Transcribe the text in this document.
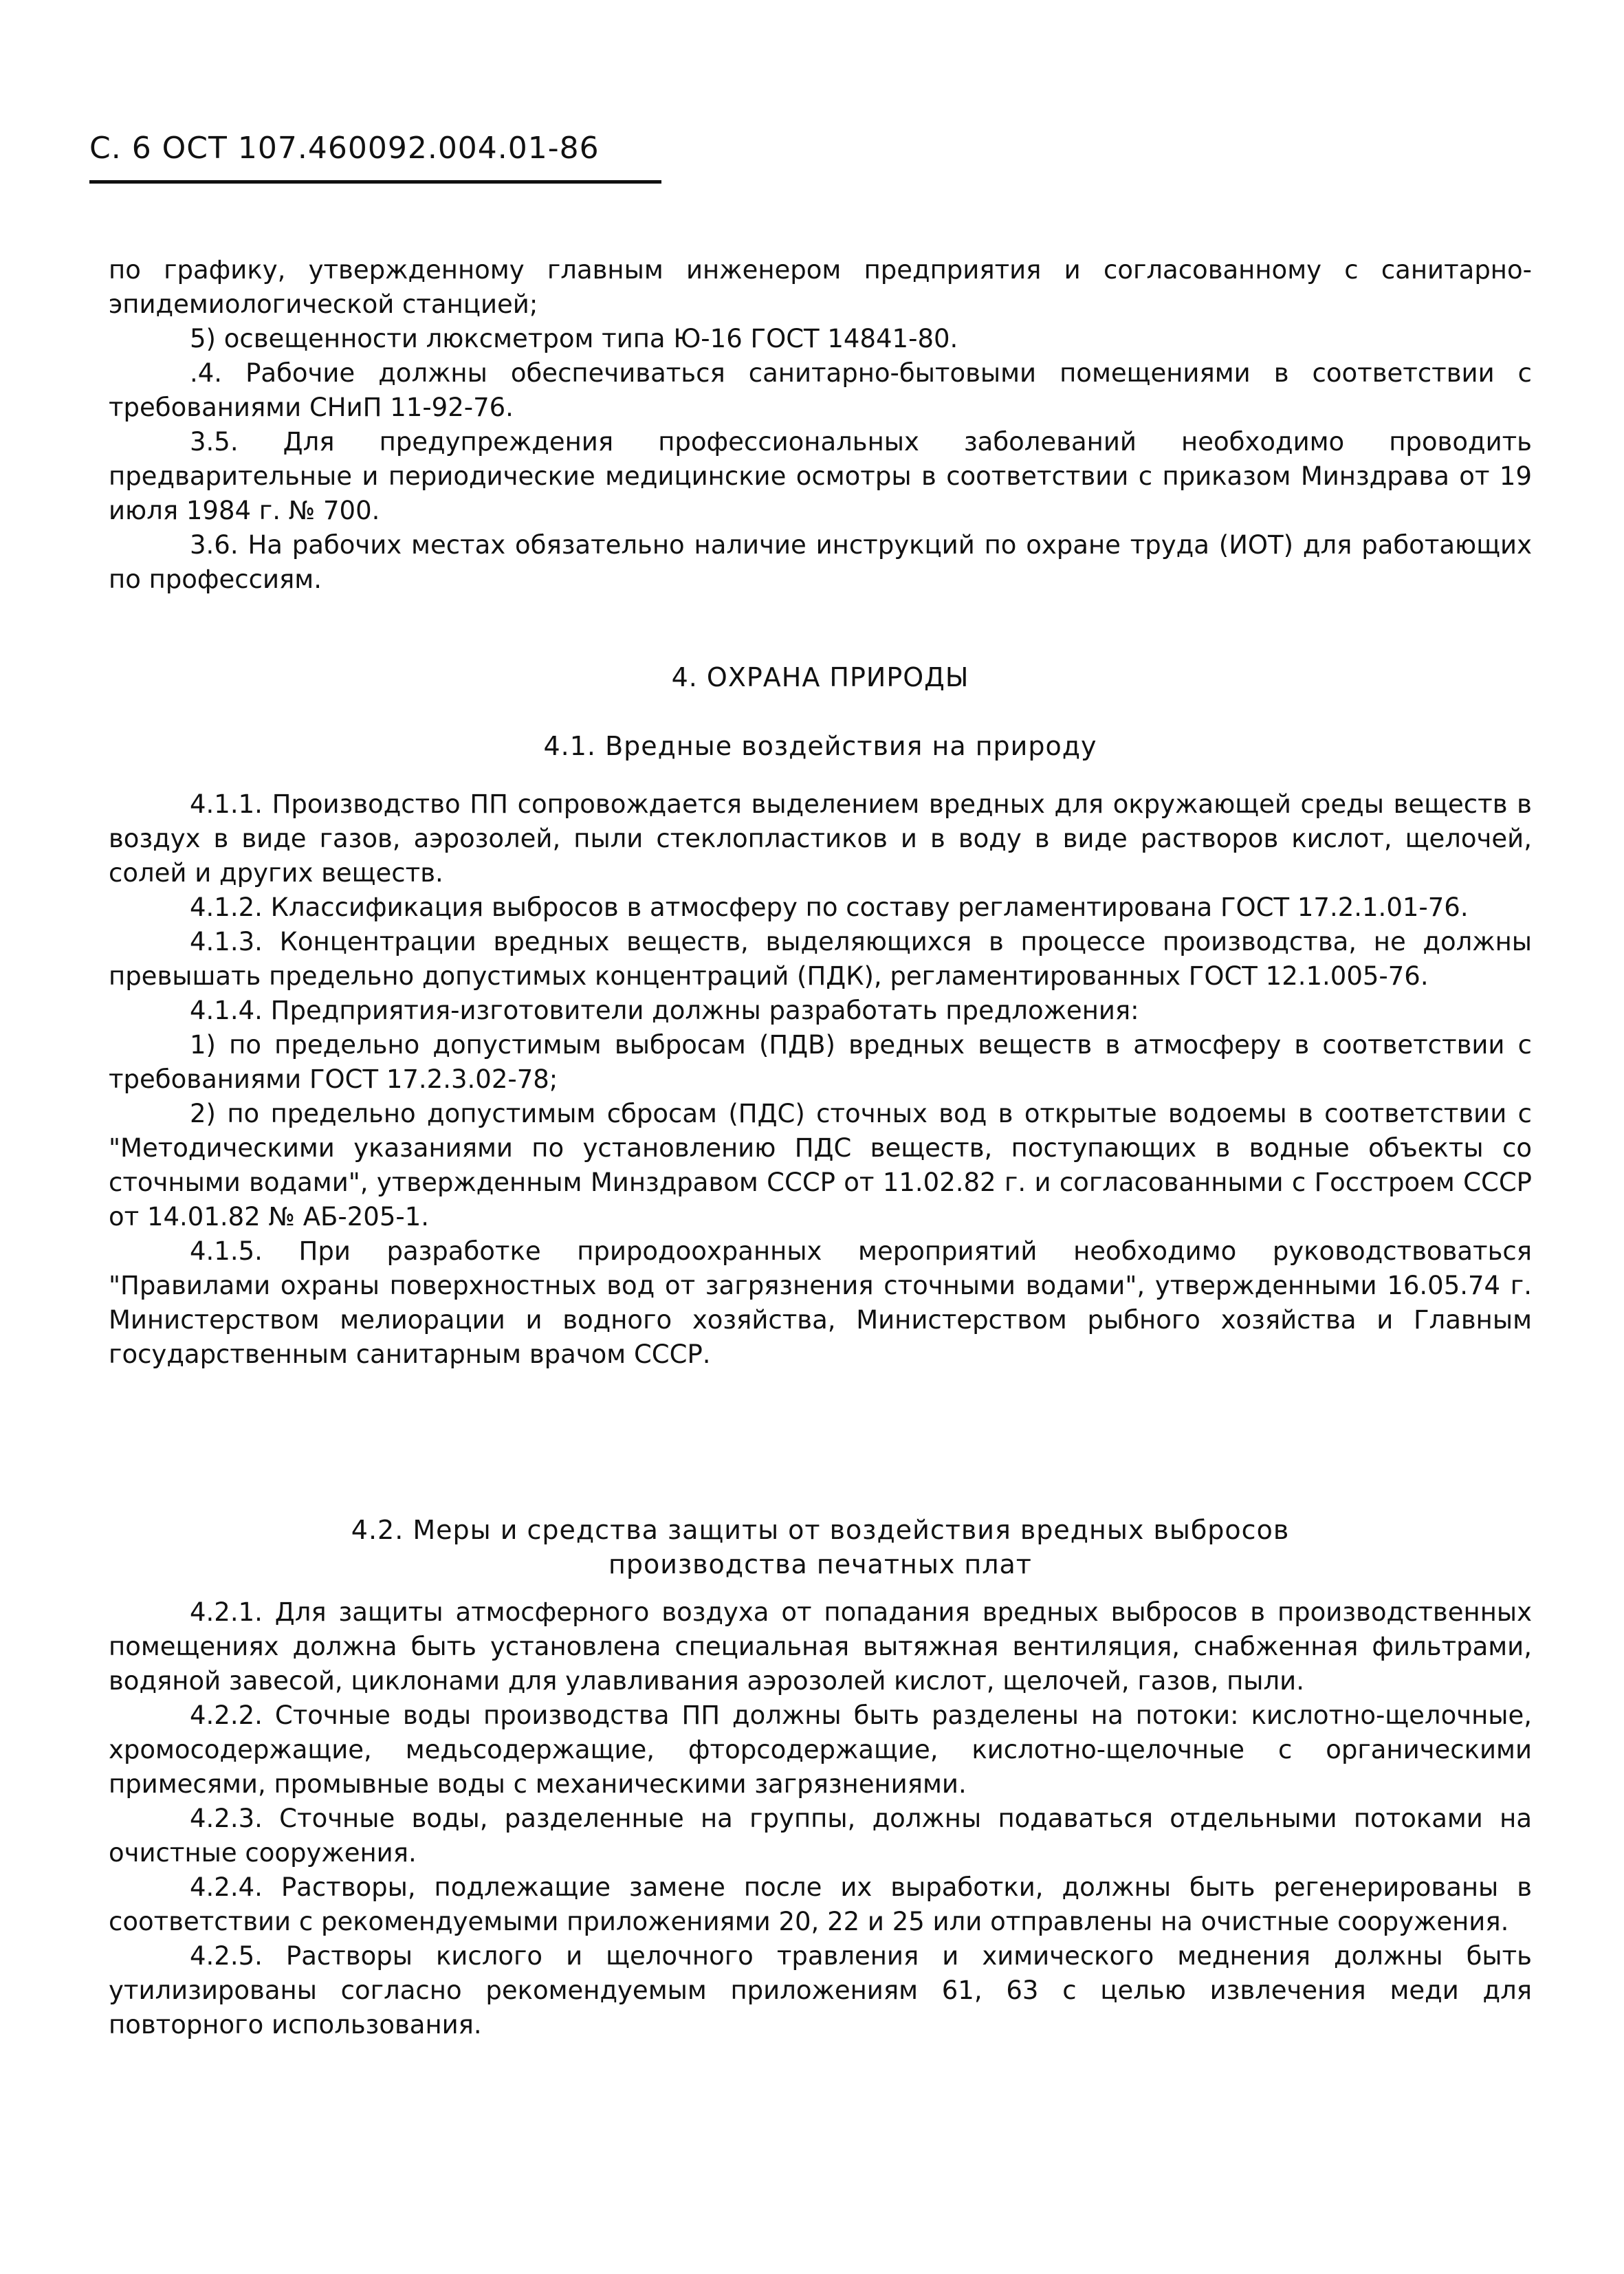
С. 6 ОСТ 107.460092.004.01-86

по графику, утвержденному главным инженером предприятия и согласованному с санитарно-эпидемиологической станцией;

5) освещенности люксметром типа Ю-16 ГОСТ 14841-80.

.4. Рабочие должны обеспечиваться санитарно-бытовыми помещениями в соответствии с требованиями СНиП 11-92-76.

3.5. Для предупреждения профессиональных заболеваний необходимо проводить предварительные и периодические медицинские осмотры в соответствии с приказом Минздрава от 19 июля 1984 г. № 700.

3.6. На рабочих местах обязательно наличие инструкций по охране труда (ИОТ) для работающих по профессиям.

4. ОХРАНА ПРИРОДЫ
4.1. Вредные воздействия на природу

4.1.1. Производство ПП сопровождается выделением вредных для окружающей среды веществ в воздух в виде газов, аэрозолей, пыли стеклопластиков и в воду в виде растворов кислот, щелочей, солей и других веществ.

4.1.2. Классификация выбросов в атмосферу по составу регламентирована ГОСТ 17.2.1.01-76.

4.1.3. Концентрации вредных веществ, выделяющихся в процессе производства, не должны превышать предельно допустимых концентраций (ПДК), регламентированных ГОСТ 12.1.005-76.

4.1.4. Предприятия-изготовители должны разработать предложения:

1) по предельно допустимым выбросам (ПДВ) вредных веществ в атмосферу в соответствии с требованиями ГОСТ 17.2.3.02-78;

2) по предельно допустимым сбросам (ПДС) сточных вод в открытые водоемы в соответствии с "Методическими указаниями по установлению ПДС веществ, поступающих в водные объекты со сточными водами", утвержденным Минздравом СССР от 11.02.82 г. и согласованными с Госстроем СССР от 14.01.82 № АБ-205-1.

4.1.5. При разработке природоохранных мероприятий необходимо руководствоваться "Правилами охраны поверхностных вод от загрязнения сточными водами", утвержденными 16.05.74 г. Министерством мелиорации и водного хозяйства, Министерством рыбного хозяйства и Главным государственным санитарным врачом СССР.

4.2. Меры и средства защиты от воздействия вредных выбросов
производства печатных плат

4.2.1. Для защиты атмосферного воздуха от попадания вредных выбросов в производственных помещениях должна быть установлена специальная вытяжная вентиляция, снабженная фильтрами, водяной завесой, циклонами для улавливания аэрозолей кислот, щелочей, газов, пыли.

4.2.2. Сточные воды производства ПП должны быть разделены на потоки: кислотно-щелочные, хромосодержащие, медьсодержащие, фторсодержащие, кислотно-щелочные с органическими примесями, промывные воды с механическими загрязнениями.

4.2.3. Сточные воды, разделенные на группы, должны подаваться отдельными потоками на очистные сооружения.

4.2.4. Растворы, подлежащие замене после их выработки, должны быть регенерированы в соответствии с рекомендуемыми приложениями 20, 22 и 25 или отправлены на очистные сооружения.

4.2.5. Растворы кислого и щелочного травления и химического меднения должны быть утилизированы согласно рекомендуемым приложениям 61, 63 с целью извлечения меди для повторного использования.
